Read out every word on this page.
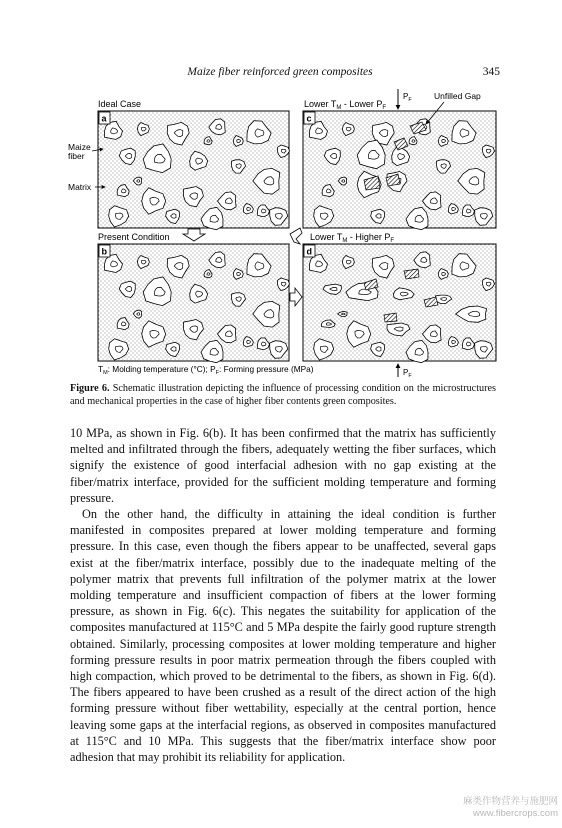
Maize fiber reinforced green composites	345
Ideal Case
Present Condition
Lower $T_M$ - Lower $P_F$
Lower $T_M$ - Higher $P_F$
a	c
b	d
Maize
fiber
Matrix
$P_F$	Unfilled Gap
$P_F$
$T_M$: Molding temperature (°C); $P_F$: Forming pressure (MPa)
Figure 6. Schematic illustration depicting the influence of processing condition on the microstructures and mechanical properties in the case of higher fiber contents green composites.

10 MPa, as shown in Fig. 6(b). It has been confirmed that the matrix has sufficiently melted and infiltrated through the fibers, adequately wetting the fiber surfaces, which signify the existence of good interfacial adhesion with no gap existing at the fiber/matrix interface, provided for the sufficient molding temperature and forming pressure.

On the other hand, the difficulty in attaining the ideal condition is further manifested in composites prepared at lower molding temperature and forming pressure. In this case, even though the fibers appear to be unaffected, several gaps exist at the fiber/matrix interface, possibly due to the inadequate melting of the polymer matrix that prevents full infiltration of the polymer matrix at the lower molding temperature and insufficient compaction of fibers at the lower forming pressure, as shown in Fig. 6(c). This negates the suitability for application of the composites manufactured at 115°C and 5 MPa despite the fairly good rupture strength obtained. Similarly, processing composites at lower molding temperature and higher forming pressure results in poor matrix permeation through the fibers coupled with high compaction, which proved to be detrimental to the fibers, as shown in Fig. 6(d). The fibers appeared to have been crushed as a result of the direct action of the high forming pressure without fiber wettability, especially at the central portion, hence leaving some gaps at the interfacial regions, as observed in composites manufactured at 115°C and 10 MPa. This suggests that the fiber/matrix interface show poor adhesion that may prohibit its reliability for application.

麻类作物营养与施肥网
www.fibercrops.com
